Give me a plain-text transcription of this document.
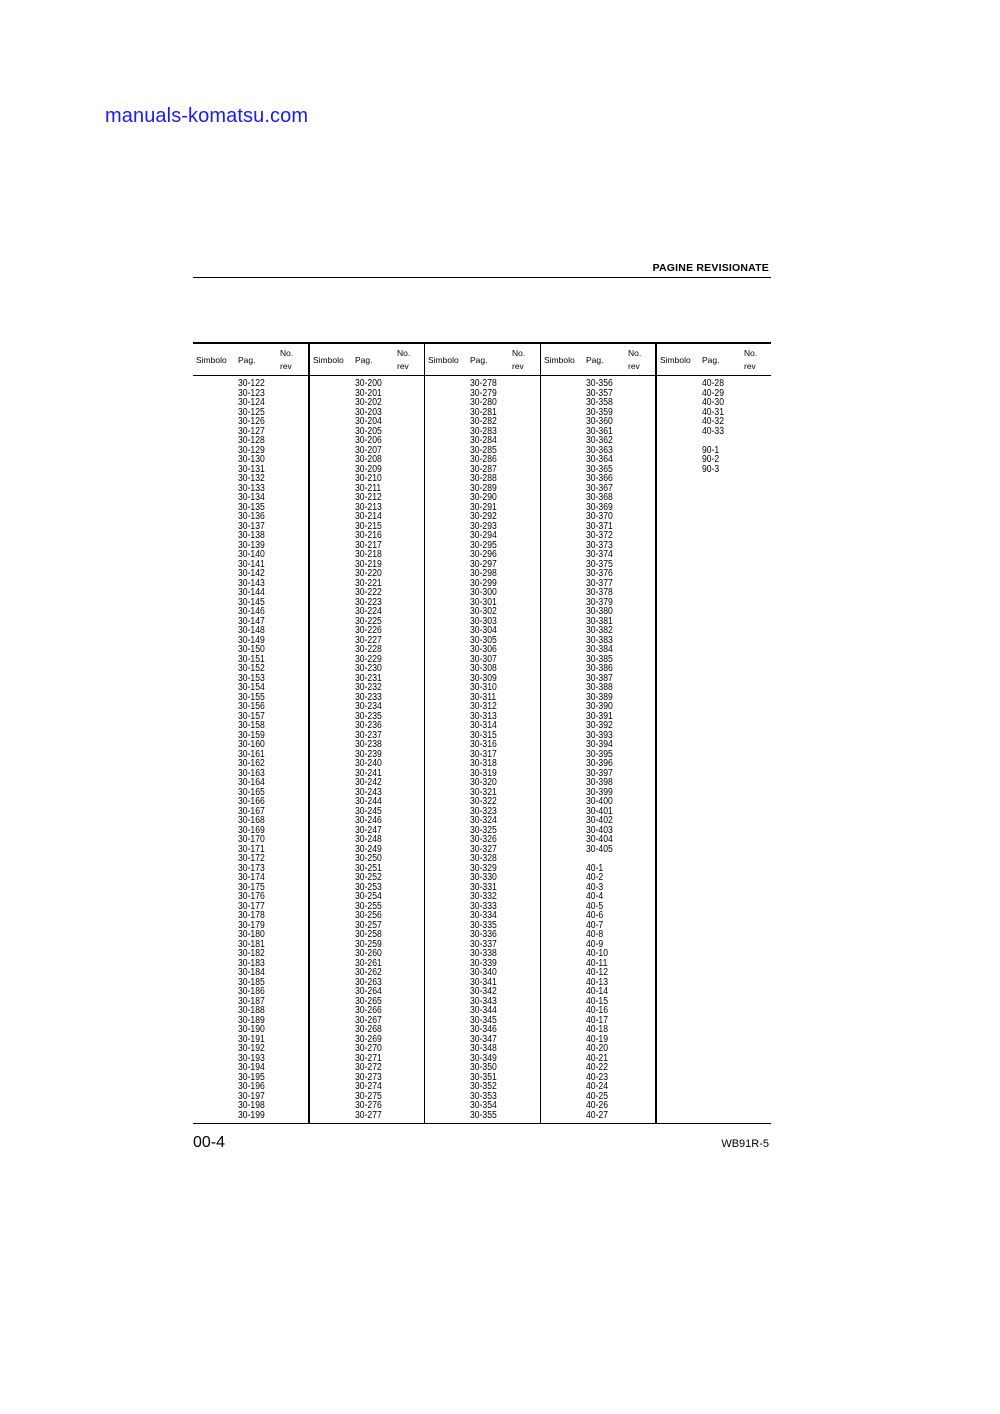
manuals-komatsu.com
PAGINE REVISIONATE
Simbolo Pag.
No.
rev
30-122
30-123
30-124
30-125
30-126
30-127
30-128
30-129
30-130
30-131
30-132
30-133
30-134
30-135
30-136
30-137
30-138
30-139
30-140
30-141
30-142
30-143
30-144
30-145
30-146
30-147
30-148
30-149
30-150
30-151
30-152
30-153
30-154
30-155
30-156
30-157
30-158
30-159
30-160
30-161
30-162
30-163
30-164
30-165
30-166
30-167
30-168
30-169
30-170
30-171
30-172
30-173
30-174
30-175
30-176
30-177
30-178
30-179
30-180
30-181
30-182
30-183
30-184
30-185
30-186
30-187
30-188
30-189
30-190
30-191
30-192
30-193
30-194
30-195
30-196
30-197
30-198
30-199
Simbolo Pag.
No.
rev
30-200
30-201
30-202
30-203
30-204
30-205
30-206
30-207
30-208
30-209
30-210
30-211
30-212
30-213
30-214
30-215
30-216
30-217
30-218
30-219
30-220
30-221
30-222
30-223
30-224
30-225
30-226
30-227
30-228
30-229
30-230
30-231
30-232
30-233
30-234
30-235
30-236
30-237
30-238
30-239
30-240
30-241
30-242
30-243
30-244
30-245
30-246
30-247
30-248
30-249
30-250
30-251
30-252
30-253
30-254
30-255
30-256
30-257
30-258
30-259
30-260
30-261
30-262
30-263
30-264
30-265
30-266
30-267
30-268
30-269
30-270
30-271
30-272
30-273
30-274
30-275
30-276
30-277
Simbolo Pag.
No.
rev
30-278
30-279
30-280
30-281
30-282
30-283
30-284
30-285
30-286
30-287
30-288
30-289
30-290
30-291
30-292
30-293
30-294
30-295
30-296
30-297
30-298
30-299
30-300
30-301
30-302
30-303
30-304
30-305
30-306
30-307
30-308
30-309
30-310
30-311
30-312
30-313
30-314
30-315
30-316
30-317
30-318
30-319
30-320
30-321
30-322
30-323
30-324
30-325
30-326
30-327
30-328
30-329
30-330
30-331
30-332
30-333
30-334
30-335
30-336
30-337
30-338
30-339
30-340
30-341
30-342
30-343
30-344
30-345
30-346
30-347
30-348
30-349
30-350
30-351
30-352
30-353
30-354
30-355
Simbolo Pag.
No.
rev
30-356
30-357
30-358
30-359
30-360
30-361
30-362
30-363
30-364
30-365
30-366
30-367
30-368
30-369
30-370
30-371
30-372
30-373
30-374
30-375
30-376
30-377
30-378
30-379
30-380
30-381
30-382
30-383
30-384
30-385
30-386
30-387
30-388
30-389
30-390
30-391
30-392
30-393
30-394
30-395
30-396
30-397
30-398
30-399
30-400
30-401
30-402
30-403
30-404
30-405
40-1
40-2
40-3
40-4
40-5
40-6
40-7
40-8
40-9
40-10
40-11
40-12
40-13
40-14
40-15
40-16
40-17
40-18
40-19
40-20
40-21
40-22
40-23
40-24
40-25
40-26
40-27
Simbolo Pag.
No.
rev
40-28
40-29
40-30
40-31
40-32
40-33
90-1
90-2
90-3
00-4	WB91R-5
